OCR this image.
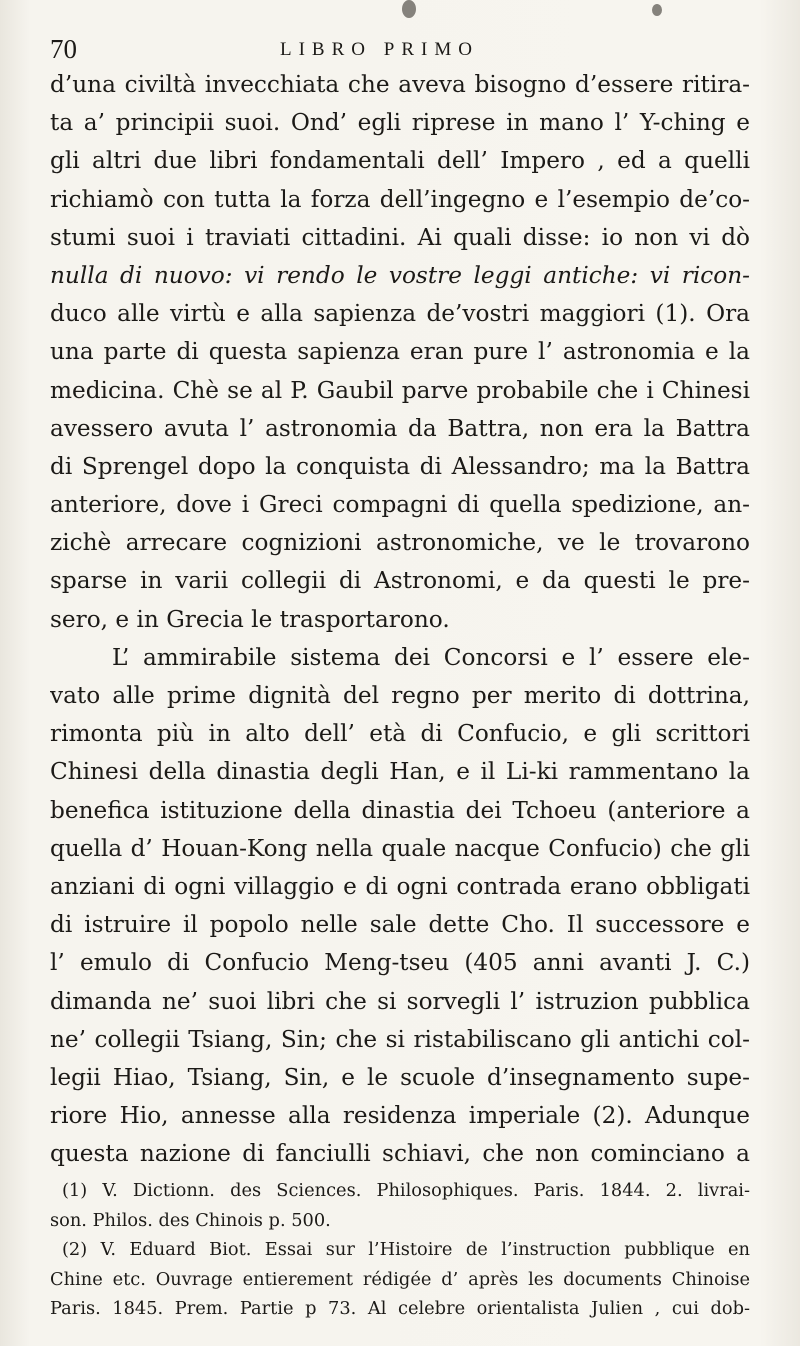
70	LIBRO PRIMO
d’una civiltà invecchiata che aveva bisogno d’essere ritira-
ta a’ principii suoi. Ond’ egli riprese in mano l’ Y-ching e
gli altri due libri fondamentali dell’ Impero , ed a quelli
richiamò con tutta la forza dell’ingegno e l’esempio de’co-
stumi suoi i traviati cittadini. Ai quali disse: io non vi dò
nulla di nuovo: vi rendo le vostre leggi antiche: vi ricon-
duco alle virtù e alla sapienza de’vostri maggiori (1). Ora
una parte di questa sapienza eran pure l’ astronomia e la
medicina. Chè se al P. Gaubil parve probabile che i Chinesi
avessero avuta l’ astronomia da Battra, non era la Battra
di Sprengel dopo la conquista di Alessandro; ma la Battra
anteriore, dove i Greci compagni di quella spedizione, an-
zichè arrecare cognizioni astronomiche, ve le trovarono
sparse in varii collegii di Astronomi, e da questi le pre-
sero, e in Grecia le trasportarono.
L’ ammirabile sistema dei Concorsi e l’ essere ele-
vato alle prime dignità del regno per merito di dottrina,
rimonta più in alto dell’ età di Confucio, e gli scrittori
Chinesi della dinastia degli Han, e il Li-ki rammentano la
benefica istituzione della dinastia dei Tchoeu (anteriore a
quella d’ Houan-Kong nella quale nacque Confucio) che gli
anziani di ogni villaggio e di ogni contrada erano obbligati
di istruire il popolo nelle sale dette Cho. Il successore e
l’ emulo di Confucio Meng-tseu (405 anni avanti J. C.)
dimanda ne’ suoi libri che si sorvegli l’ istruzion pubblica
ne’ collegii Tsiang, Sin; che si ristabiliscano gli antichi col-
legii Hiao, Tsiang, Sin, e le scuole d’insegnamento supe-
riore Hio, annesse alla residenza imperiale (2). Adunque
questa nazione di fanciulli schiavi, che non cominciano a
(1) V. Dictionn. des Sciences. Philosophiques. Paris. 1844. 2. livrai-
son. Philos. des Chinois p. 500.
(2) V. Eduard Biot. Essai sur l’Histoire de l’instruction pubblique en
Chine etc. Ouvrage entierement rédigée d’ après les documents Chinoise
Paris. 1845. Prem. Partie p 73. Al celebre orientalista Julien , cui dob-
